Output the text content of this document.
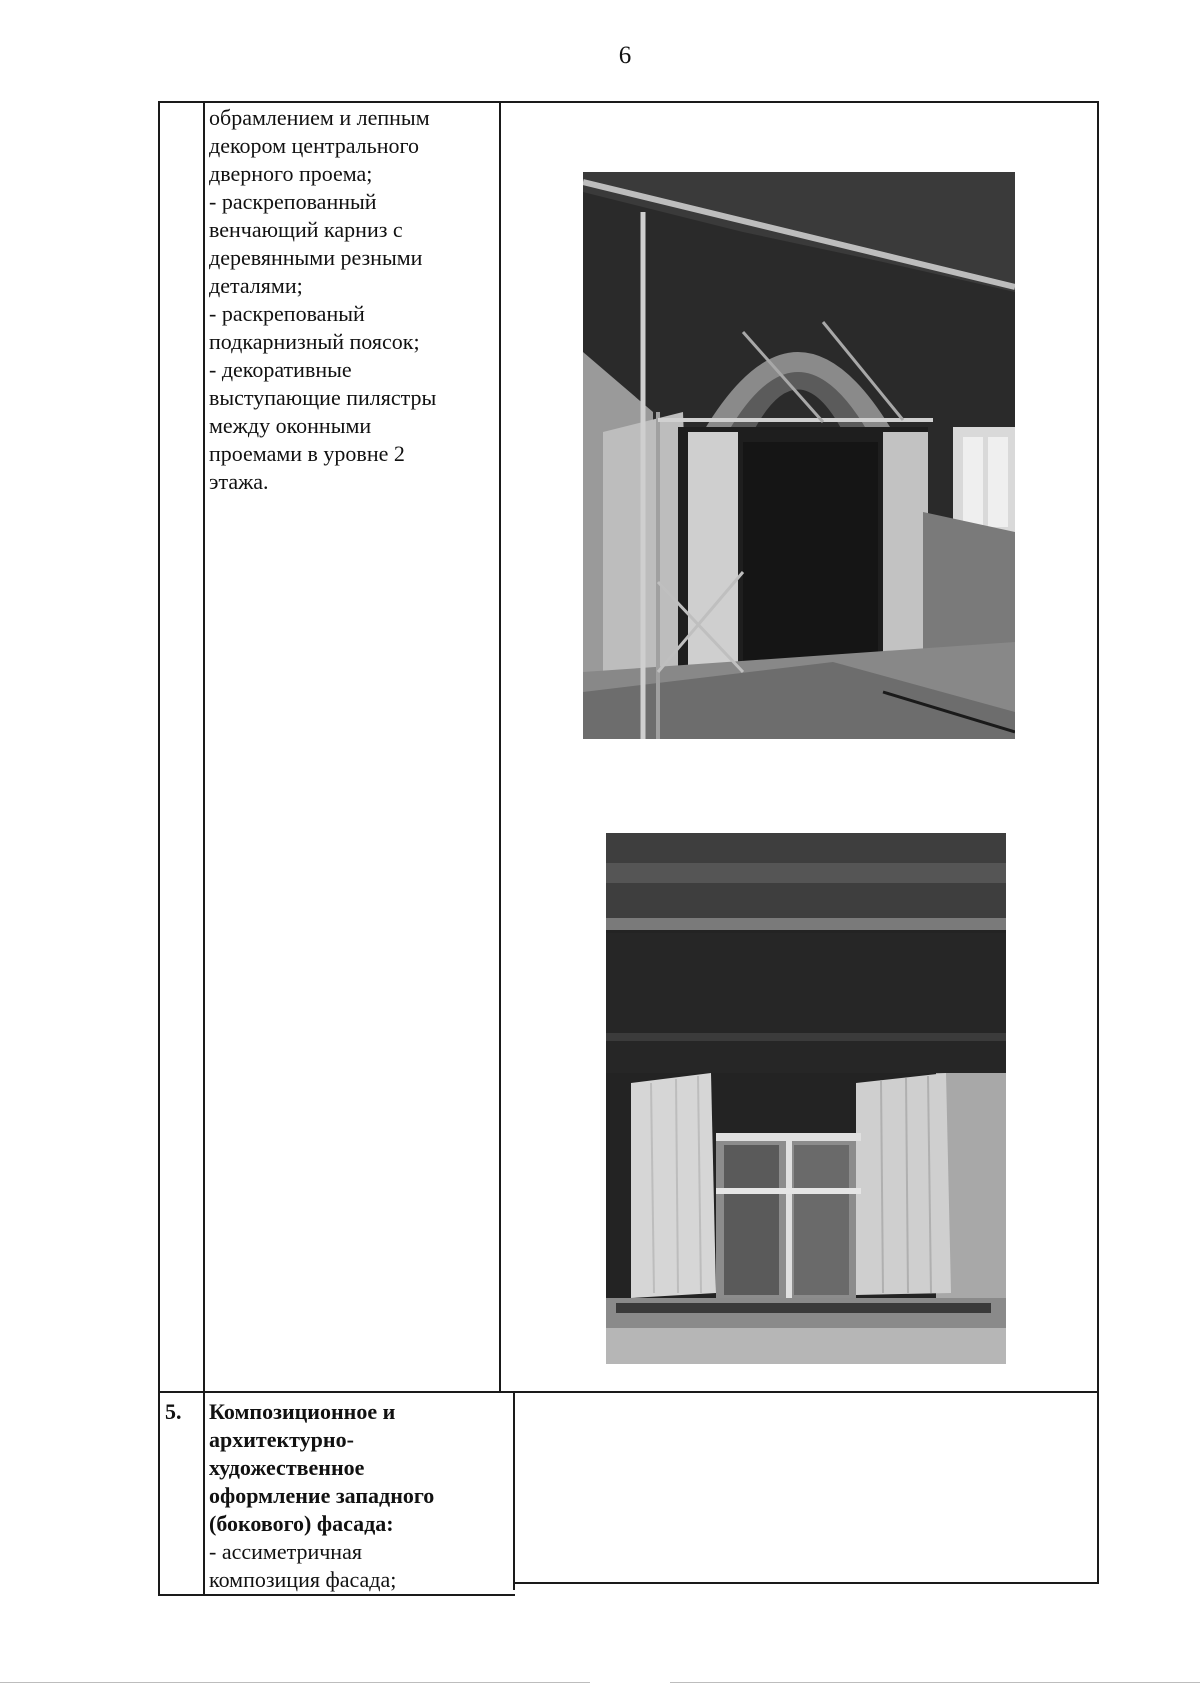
6
обрамлением и лепным
декором центрального
дверного проема;
- раскрепованный
венчающий карниз с
деревянными резными
деталями;
- раскрепованый
подкарнизный поясок;
- декоративные
выступающие пилястры
между оконными
проемами в уровне 2
этажа.
5. Композиционное и
архитектурно-
художественное
оформление западного
(бокового) фасада:
- ассиметричная
композиция фасада;
